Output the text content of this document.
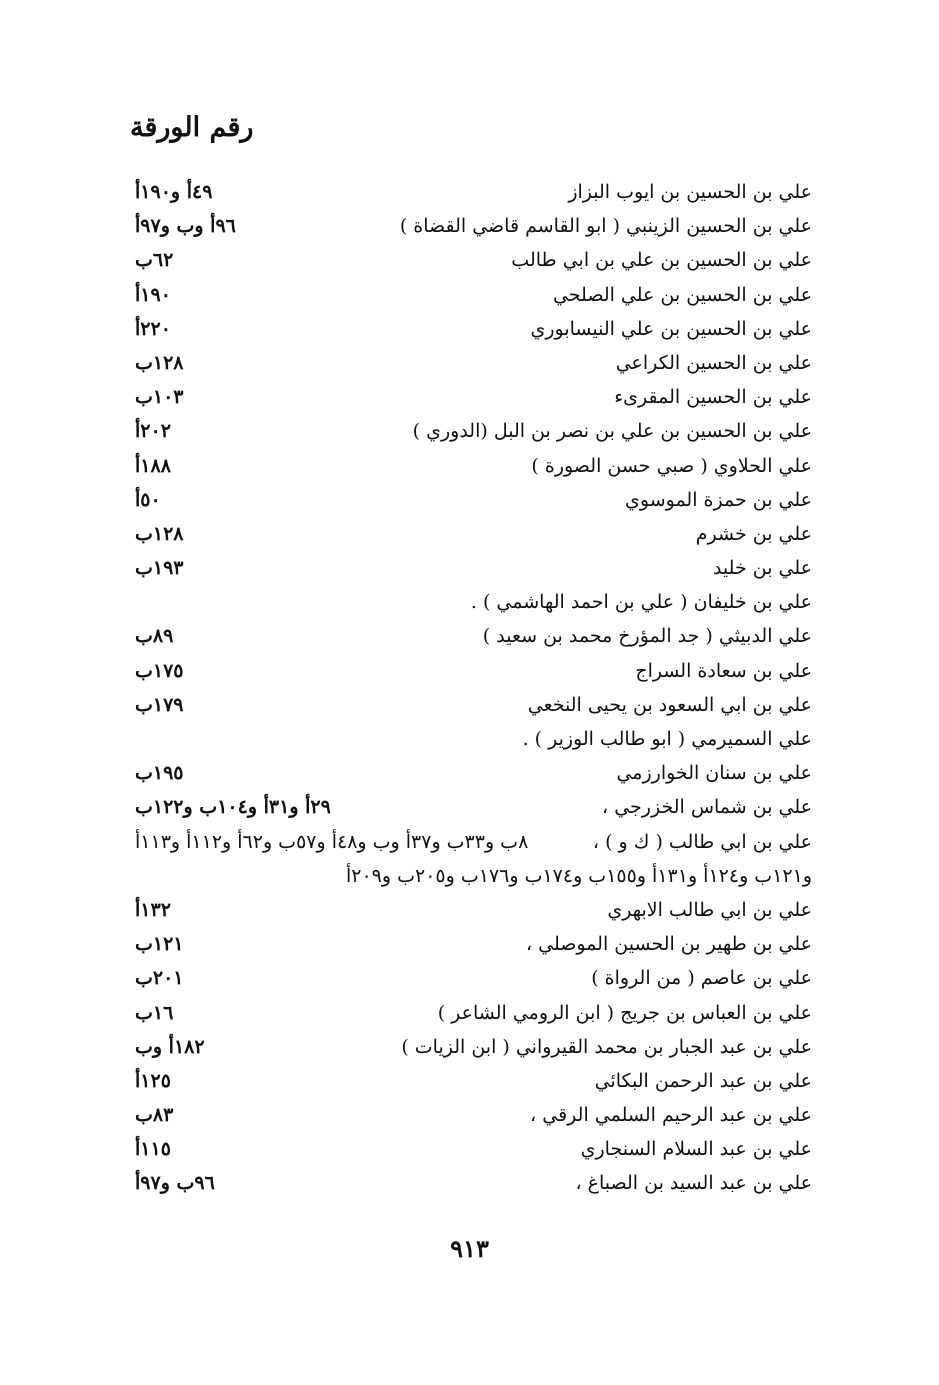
رقم الورقة
علي بن الحسين بن ايوب البزاز
٤٩أ و١٩٠أ
علي بن الحسين الزينبي ( ابو القاسم قاضي القضاة )
٩٦أ وب و٩٧أ
علي بن الحسين بن علي بن ابي طالب
٦٢ب
علي بن الحسين بن علي الصلحي
١٩٠أ
علي بن الحسين بن علي النيسابوري
٢٢٠أ
علي بن الحسين الكراعي
١٢٨ب
علي بن الحسين المقرىء
١٠٣ب
علي بن الحسين بن علي بن نصر بن البل (الدوري )
٢٠٢أ
علي الحلاوي ( صبي حسن الصورة )
١٨٨أ
علي بن حمزة الموسوي
٥٠أ
علي بن خشرم
١٢٨ب
علي بن خليد
١٩٣ب
علي بن خليفان ( علي بن احمد الهاشمي ) .
علي الدبيثي ( جد المؤرخ محمد بن سعيد )
٨٩ب
علي بن سعادة السراج
١٧٥ب
علي بن ابي السعود بن يحيى النخعي
١٧٩ب
علي السميرمي ( ابو طالب الوزير ) .
علي بن سنان الخوارزمي
١٩٥ب
علي بن شماس الخزرجي ،
٢٩أ و٣١أ و١٠٤ب و١٢٢ب
علي بن ابي طالب ( ك و ) ،
٨ب و٣٣ب و٣٧أ وب و٤٨أ و٥٧ب و٦٢أ و١١٢أ و١١٣أ
و١٢١ب و١٢٤أ و١٣١أ و١٥٥ب و١٧٤ب و١٧٦ب و٢٠٥ب و٢٠٩أ
علي بن ابي طالب الابهري
١٣٢أ
علي بن طهير بن الحسين الموصلي ،
١٢١ب
علي بن عاصم ( من الرواة )
٢٠١ب
علي بن العباس بن جريج ( ابن الرومي الشاعر )
١٦ب
علي بن عبد الجبار بن محمد القيرواني ( ابن الزيات )
١٨٢أ وب
علي بن عبد الرحمن البكائي
١٢٥أ
علي بن عبد الرحيم السلمي الرقي ،
٨٣ب
علي بن عبد السلام السنجاري
١١٥أ
علي بن عبد السيد بن الصباغ ،
٩٦ب و٩٧أ
٩١٣
